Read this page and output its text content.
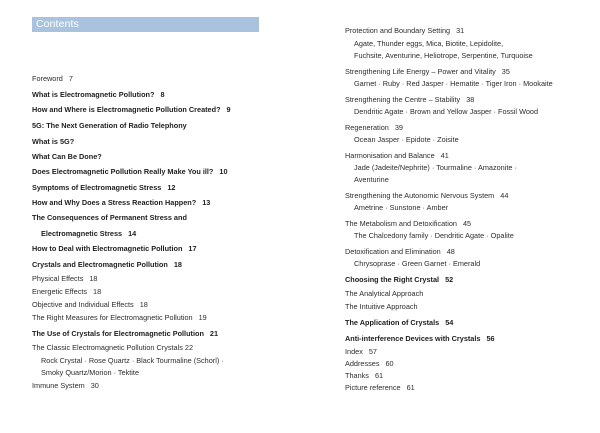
Contents
Foreword 7
What is Electromagnetic Pollution? 8
How and Where is Electromagnetic Pollution Created? 9
5G: The Next Generation of Radio Telephony
What is 5G?
What Can Be Done?
Does Electromagnetic Pollution Really Make You ill? 10
Symptoms of Electromagnetic Stress 12
How and Why Does a Stress Reaction Happen? 13
The Consequences of Permanent Stress and
Electromagnetic Stress 14
How to Deal with Electromagnetic Pollution 17
Crystals and Electromagnetic Pollution 18
Physical Effects 18
Energetic Effects 18
Objective and Individual Effects 18
The Right Measures for Electromagnetic Pollution 19
The Use of Crystals for Electromagnetic Pollution 21
The Classic Electromagnetic Pollution Crystals 22
Rock Crystal · Rose Quartz · Black Tourmaline (Schorl) ·
Smoky Quartz/Morion · Tektite
Immune System 30
Protection and Boundary Setting 31
Agate, Thunder eggs, Mica, Biotite, Lepidolite,
Fuchsite, Aventurine, Heliotrope, Serpentine, Turquoise
Strengthening Life Energy – Power and Vitality 35
Garnet · Ruby · Red Jasper · Hematite · Tiger Iron · Mookaite
Strengthening the Centre – Stability 38
Dendritic Agate · Brown and Yellow Jasper · Fossil Wood
Regeneration 39
Ocean Jasper · Epidote · Zoisite
Harmonisation and Balance 41
Jade (Jadeite/Nephrite) · Tourmaline · Amazonite ·
Aventurine
Strengthening the Autonomic Nervous System 44
Ametrine · Sunstone · Amber
The Metabolism and Detoxification 45
The Chalcedony family · Dendritic Agate · Opalite
Detoxification and Elimination 48
Chrysoprase · Green Garnet · Emerald
Choosing the Right Crystal 52
The Analytical Approach
The Intuitive Approach
The Application of Crystals 54
Anti-interference Devices with Crystals 56
Index 57
Addresses 60
Thanks 61
Picture reference 61
